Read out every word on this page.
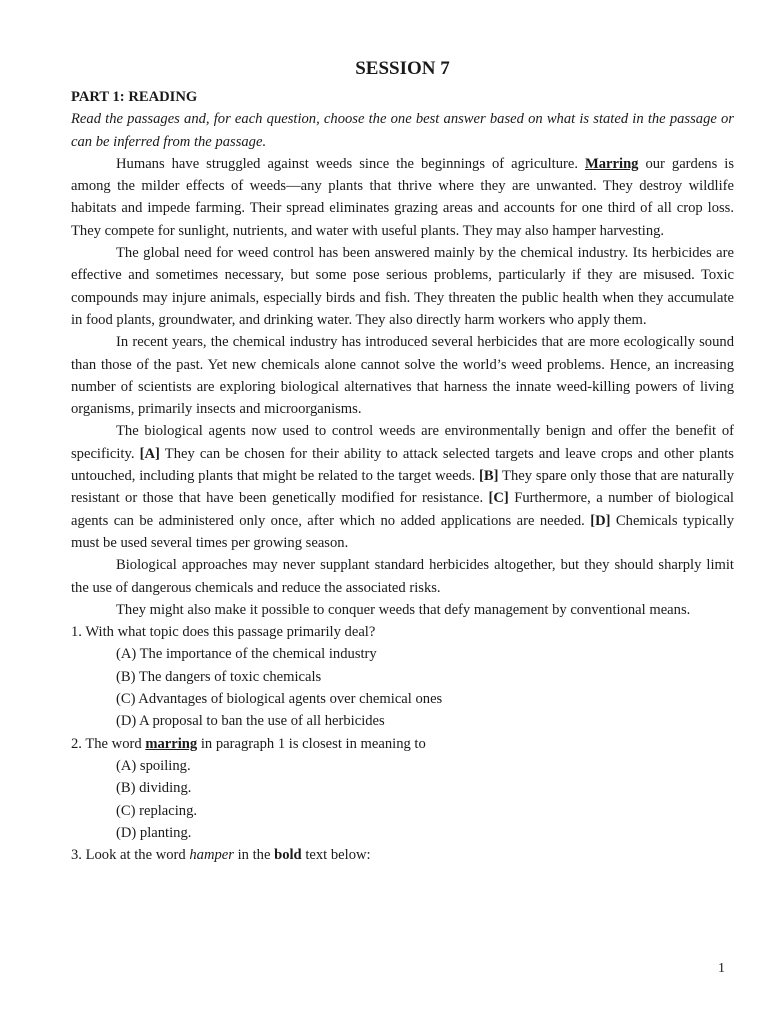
SESSION 7
PART 1: READING

Read the passages and, for each question, choose the one best answer based on what is stated in the passage or can be inferred from the passage.

Humans have struggled against weeds since the beginnings of agriculture. Marring our gardens is among the milder effects of weeds—any plants that thrive where they are unwanted. They destroy wildlife habitats and impede farming. Their spread eliminates grazing areas and accounts for one third of all crop loss. They compete for sunlight, nutrients, and water with useful plants. They may also hamper harvesting.

The global need for weed control has been answered mainly by the chemical industry. Its herbicides are effective and sometimes necessary, but some pose serious problems, particularly if they are misused. Toxic compounds may injure animals, especially birds and fish. They threaten the public health when they accumulate in food plants, groundwater, and drinking water. They also directly harm workers who apply them.

In recent years, the chemical industry has introduced several herbicides that are more ecologically sound than those of the past. Yet new chemicals alone cannot solve the world’s weed problems. Hence, an increasing number of scientists are exploring biological alternatives that harness the innate weed-killing powers of living organisms, primarily insects and microorganisms.

The biological agents now used to control weeds are environmentally benign and offer the benefit of specificity. [A] They can be chosen for their ability to attack selected targets and leave crops and other plants untouched, including plants that might be related to the target weeds. [B] They spare only those that are naturally resistant or those that have been genetically modified for resistance. [C] Furthermore, a number of biological agents can be administered only once, after which no added applications are needed. [D] Chemicals typically must be used several times per growing season.

Biological approaches may never supplant standard herbicides altogether, but they should sharply limit the use of dangerous chemicals and reduce the associated risks.

They might also make it possible to conquer weeds that defy management by conventional means.

1. With what topic does this passage primarily deal?

(A) The importance of the chemical industry

(B) The dangers of toxic chemicals

(C) Advantages of biological agents over chemical ones

(D) A proposal to ban the use of all herbicides

2. The word marring in paragraph 1 is closest in meaning to

(A) spoiling.

(B) dividing.

(C) replacing.

(D) planting.

3. Look at the word hamper in the bold text below:

1
